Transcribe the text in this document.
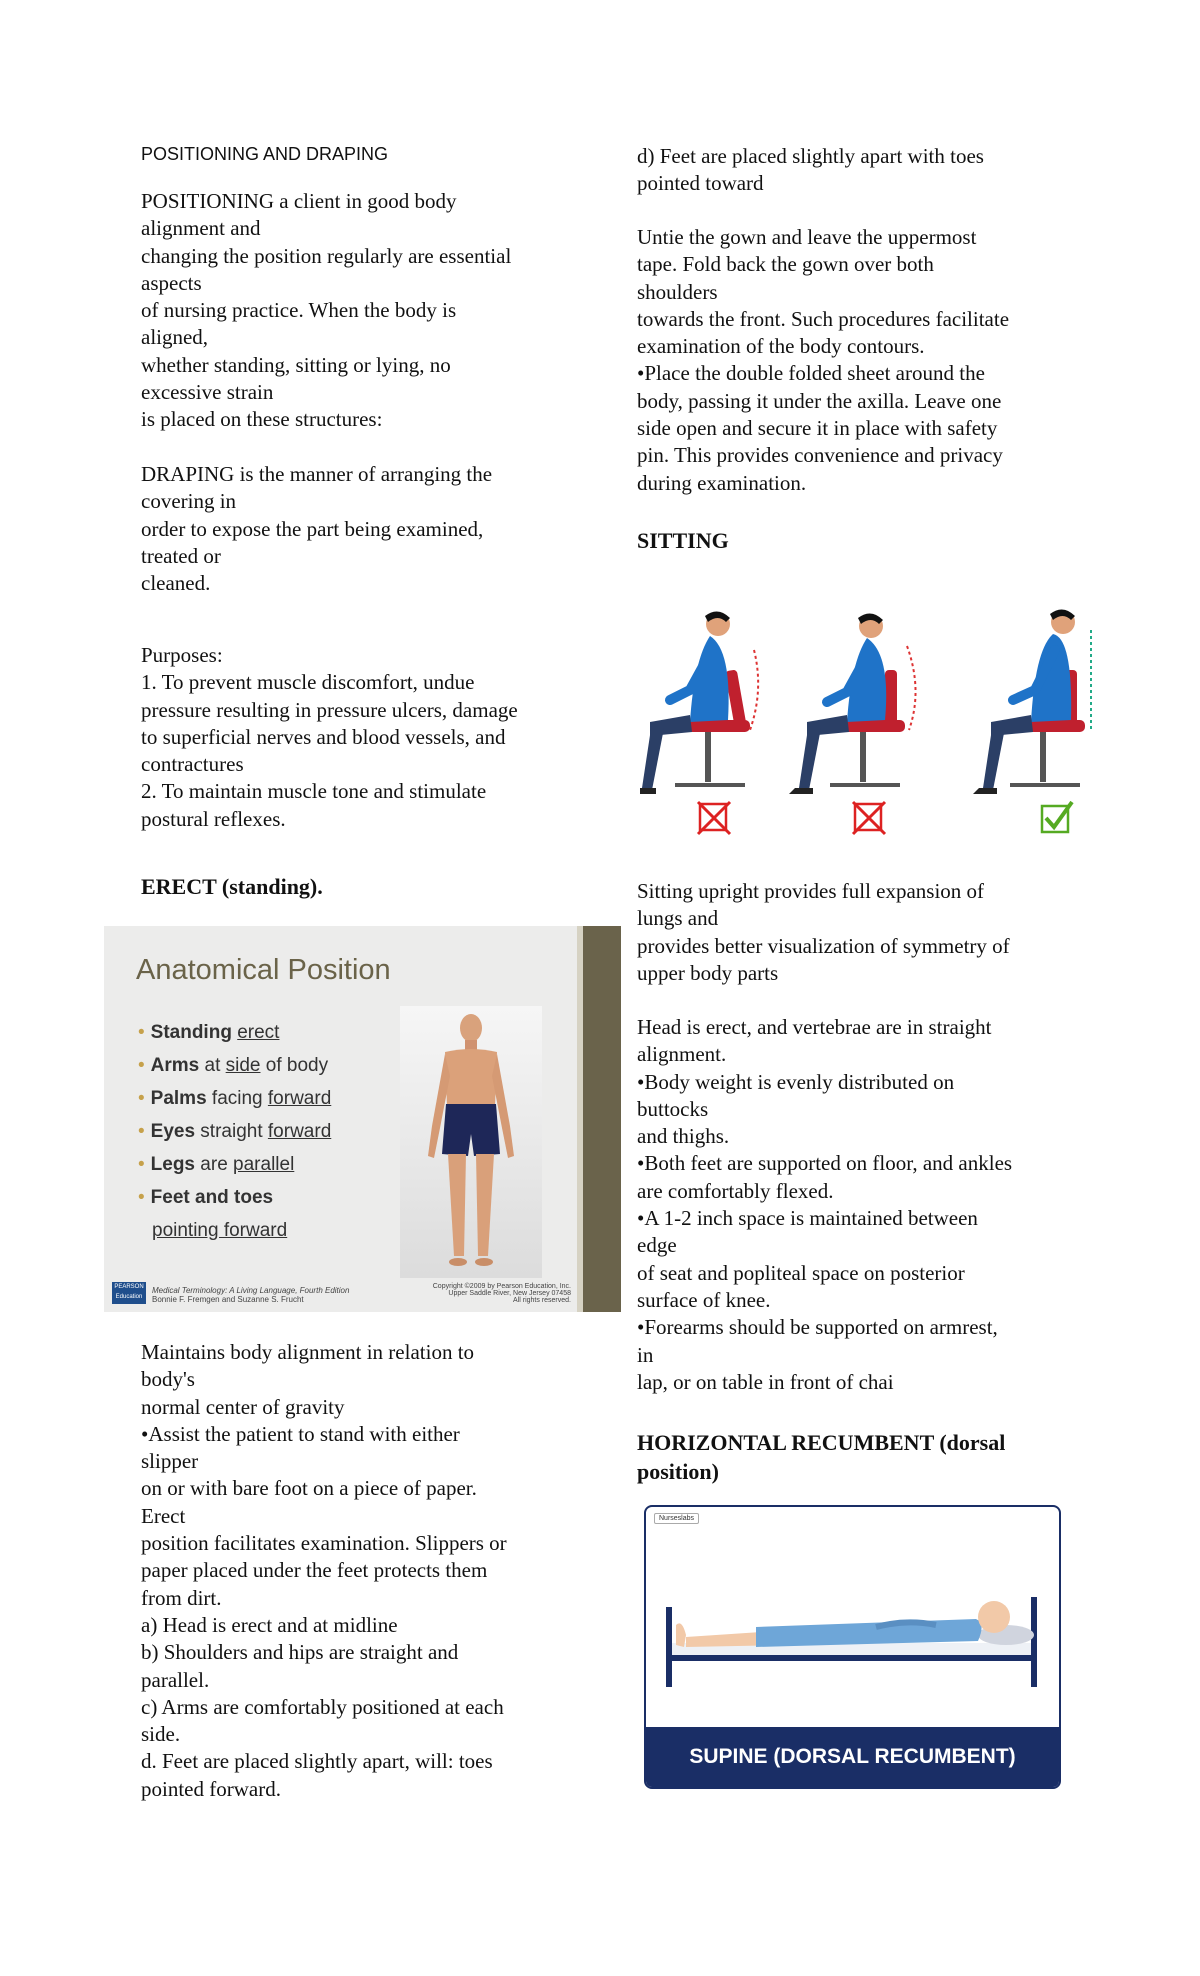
POSITIONING AND DRAPING

POSITIONING a client in good body

alignment and

changing the position regularly are essential

aspects

of nursing practice. When the body is

aligned,

whether standing, sitting or lying, no

excessive strain

is placed on these structures:

DRAPING is the manner of arranging the

covering in

order to expose the part being examined,

treated or

cleaned.

Purposes:

1. To prevent muscle discomfort, undue

pressure resulting in pressure ulcers, damage

to superficial nerves and blood vessels, and

contractures

2. To maintain muscle tone and stimulate

postural reflexes.

ERECT (standing).

Anatomical Position
• Standing erect
• Arms at side of body
• Palms facing forward
• Eyes straight forward
• Legs are parallel
• Feet and toes
pointing forward
PEARSON Education
Medical Terminology: A Living Language, Fourth Edition
Bonnie F. Fremgen and Suzanne S. Frucht
Copyright ©2009 by Pearson Education, Inc.
Upper Saddle River, New Jersey 07458
All rights reserved.

Maintains body alignment in relation to

body's

normal center of gravity

•Assist the patient to stand with either

slipper

on or with bare foot on a piece of paper.

Erect

position facilitates examination. Slippers or

paper placed under the feet protects them

from dirt.

a) Head is erect and at midline

b) Shoulders and hips are straight and

parallel.

c) Arms are comfortably positioned at each

side.

d. Feet are placed slightly apart, will: toes

pointed forward.

d) Feet are placed slightly apart with toes

pointed toward

Untie the gown and leave the uppermost

tape. Fold back the gown over both

shoulders

towards the front. Such procedures facilitate

examination of the body contours.

•Place the double folded sheet around the

body, passing it under the axilla. Leave one

side open and secure it in place with safety

pin. This provides convenience and privacy

during examination.

SITTING

Sitting upright provides full expansion of

lungs and

provides better visualization of symmetry of

upper body parts

Head is erect, and vertebrae are in straight

alignment.

•Body weight is evenly distributed on

buttocks

and thighs.

•Both feet are supported on floor, and ankles

are comfortably flexed.

•A 1-2 inch space is maintained between

edge

of seat and popliteal space on posterior

surface of knee.

•Forearms should be supported on armrest,

in

lap, or on table in front of chai

HORIZONTAL RECUMBENT (dorsal

position)

Nurseslabs
SUPINE (DORSAL RECUMBENT)
